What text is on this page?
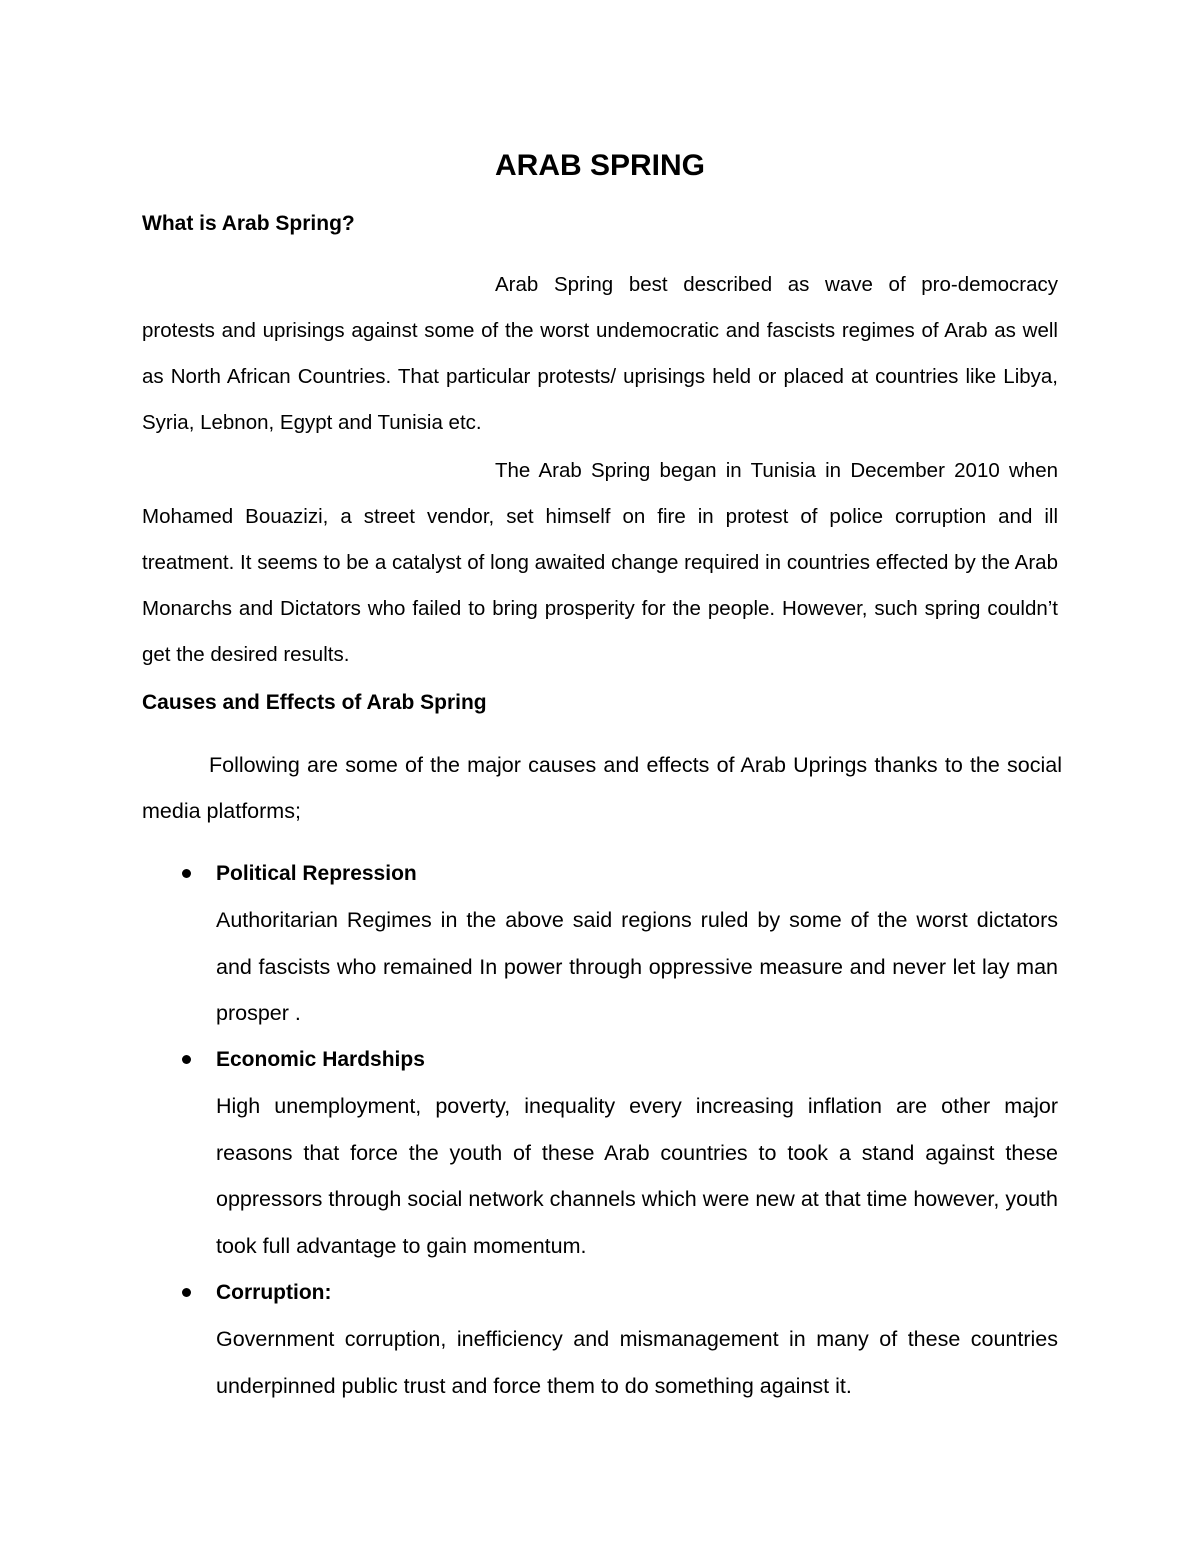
ARAB SPRING
What is Arab Spring?

Arab Spring best described as wave of pro-democracy protests and uprisings against some of the worst undemocratic and fascists regimes of Arab as well as North African Countries. That particular protests/ uprisings held or placed at countries like Libya, Syria, Lebnon, Egypt and Tunisia etc.

The Arab Spring began in Tunisia in December 2010 when Mohamed Bouazizi, a street vendor, set himself on fire in protest of police corruption and ill treatment. It seems to be a catalyst of long awaited change required in countries effected by the Arab Monarchs and Dictators who failed to bring prosperity for the people. However, such spring couldn’t get the desired results.

Causes and Effects of Arab Spring

Following are some of the major causes and effects of Arab Uprings thanks to the social media platforms;

Political Repression

Authoritarian Regimes in the above said regions ruled by some of the worst dictators and fascists who remained In power through oppressive measure and never let lay man prosper .

Economic Hardships

High unemployment, poverty, inequality every increasing inflation are other major reasons that force the youth of these Arab countries to took a stand against these oppressors through social network channels which were new at that time however, youth took full advantage to gain momentum.

Corruption:

Government corruption, inefficiency and mismanagement in many of these countries underpinned public trust and force them to do something against it.
